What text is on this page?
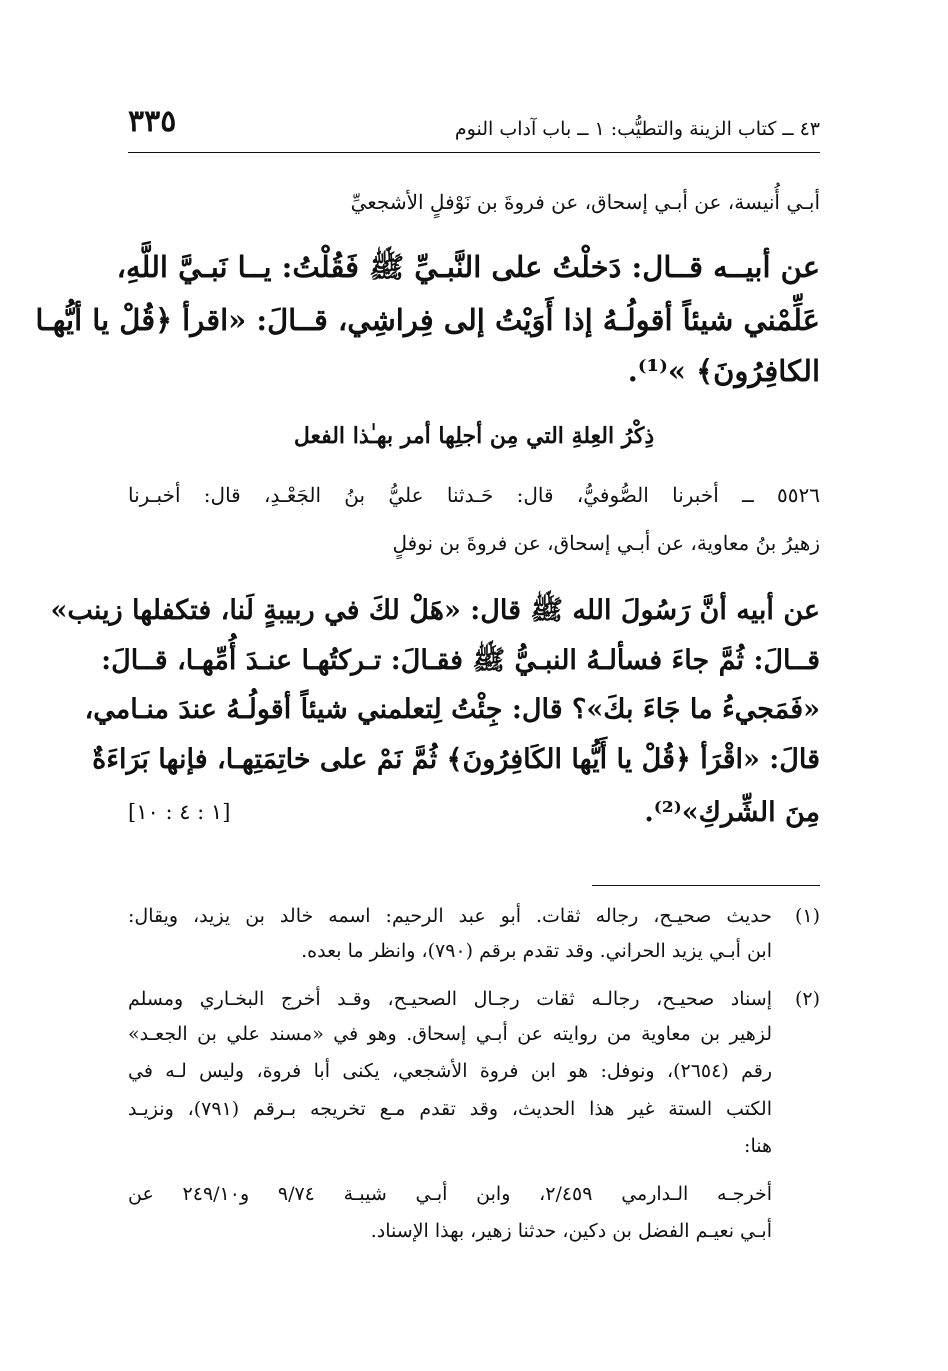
٣٣٥	٤٣ ــ كتاب الزينة والتطيُّب: ١ ــ باب آداب النوم
أبـي أُنيسة، عن أبـي إسحاق، عن فروةَ بن نَوْفلٍ الأشجعيِّ
عن أبيــه قــال: دَخلْتُ على النَّبـيِّ ﷺ فَقُلْتُ: يــا نَبـيَّ اللَّهِ،
عَلِّمْني شيئاً أقولُـهُ إذا أَوَيْتُ إلى فِراشِي، قــالَ: «اقرأ ﴿قُلْ يا أيُّهـا
الكافِرُونَ﴾ »⁽¹⁾.
ذِكْرُ العِلةِ التي مِن أجلِها أمر بهـٰذا الفعل
٥٥٢٦ ــ أخبرنا الصُّوفيُّ، قال: حَـدثنا عليُّ بنُ الجَعْـدِ، قال: أخبـرنا
زهيرُ بنُ معاوية، عن أبـي إسحاق، عن فروةَ بن نوفلٍ
عن أبيه أنَّ رَسُولَ الله ﷺ قال: «هَلْ لكَ في ربيبةٍ لَنا، فتكفلها زينب»
قــالَ: ثُمَّ جاءَ فسألـهُ النبـيُّ ﷺ فقـالَ: تـركتُهـا عنـدَ أُمِّهـا، قــالَ:
«فَمَجيءُ ما جَاءَ بكَ»؟ قال: جِئْتُ لِتعلمني شيئاً أقولُـهُ عندَ منـامي،
قالَ: «اقْرَأ ﴿قُلْ يا أَيُّها الكَافِرُونَ﴾ ثُمَّ نَمْ على خاتِمَتِهـا، فإنها بَرَاءَةٌ
مِنَ الشِّركِ»⁽²⁾.
[١ : ٤ : ١٠]
(١)
حديث صحيـح، رجاله ثقات. أبو عبد الرحيم: اسمه خالد بن يزيد، ويقال:
ابن أبـي يزيد الحراني. وقد تقدم برقم (٧٩٠)، وانظر ما بعده.
(٢)
إسناد صحيـح، رجالـه ثقات رجـال الصحيـح، وقـد أخرج البخـاري ومسلم
لزهير بن معاوية من روايته عن أبـي إسحاق. وهو في «مسند علي بن الجعـد»
رقم (٢٦٥٤)، ونوفل: هو ابن فروة الأشجعي، يكنى أبا فروة، وليس لـه في
الكتب الستة غير هذا الحديث، وقد تقدم مـع تخريجه بـرقم (٧٩١)، ونزيـد
هنا:
أخرجـه الـدارمي ٢/٤٥٩، وابن أبـي شيبـة ٩/٧٤ و٢٤٩/١٠ عن
أبـي نعيـم الفضل بن دكين، حدثنا زهير، بهذا الإسناد.
